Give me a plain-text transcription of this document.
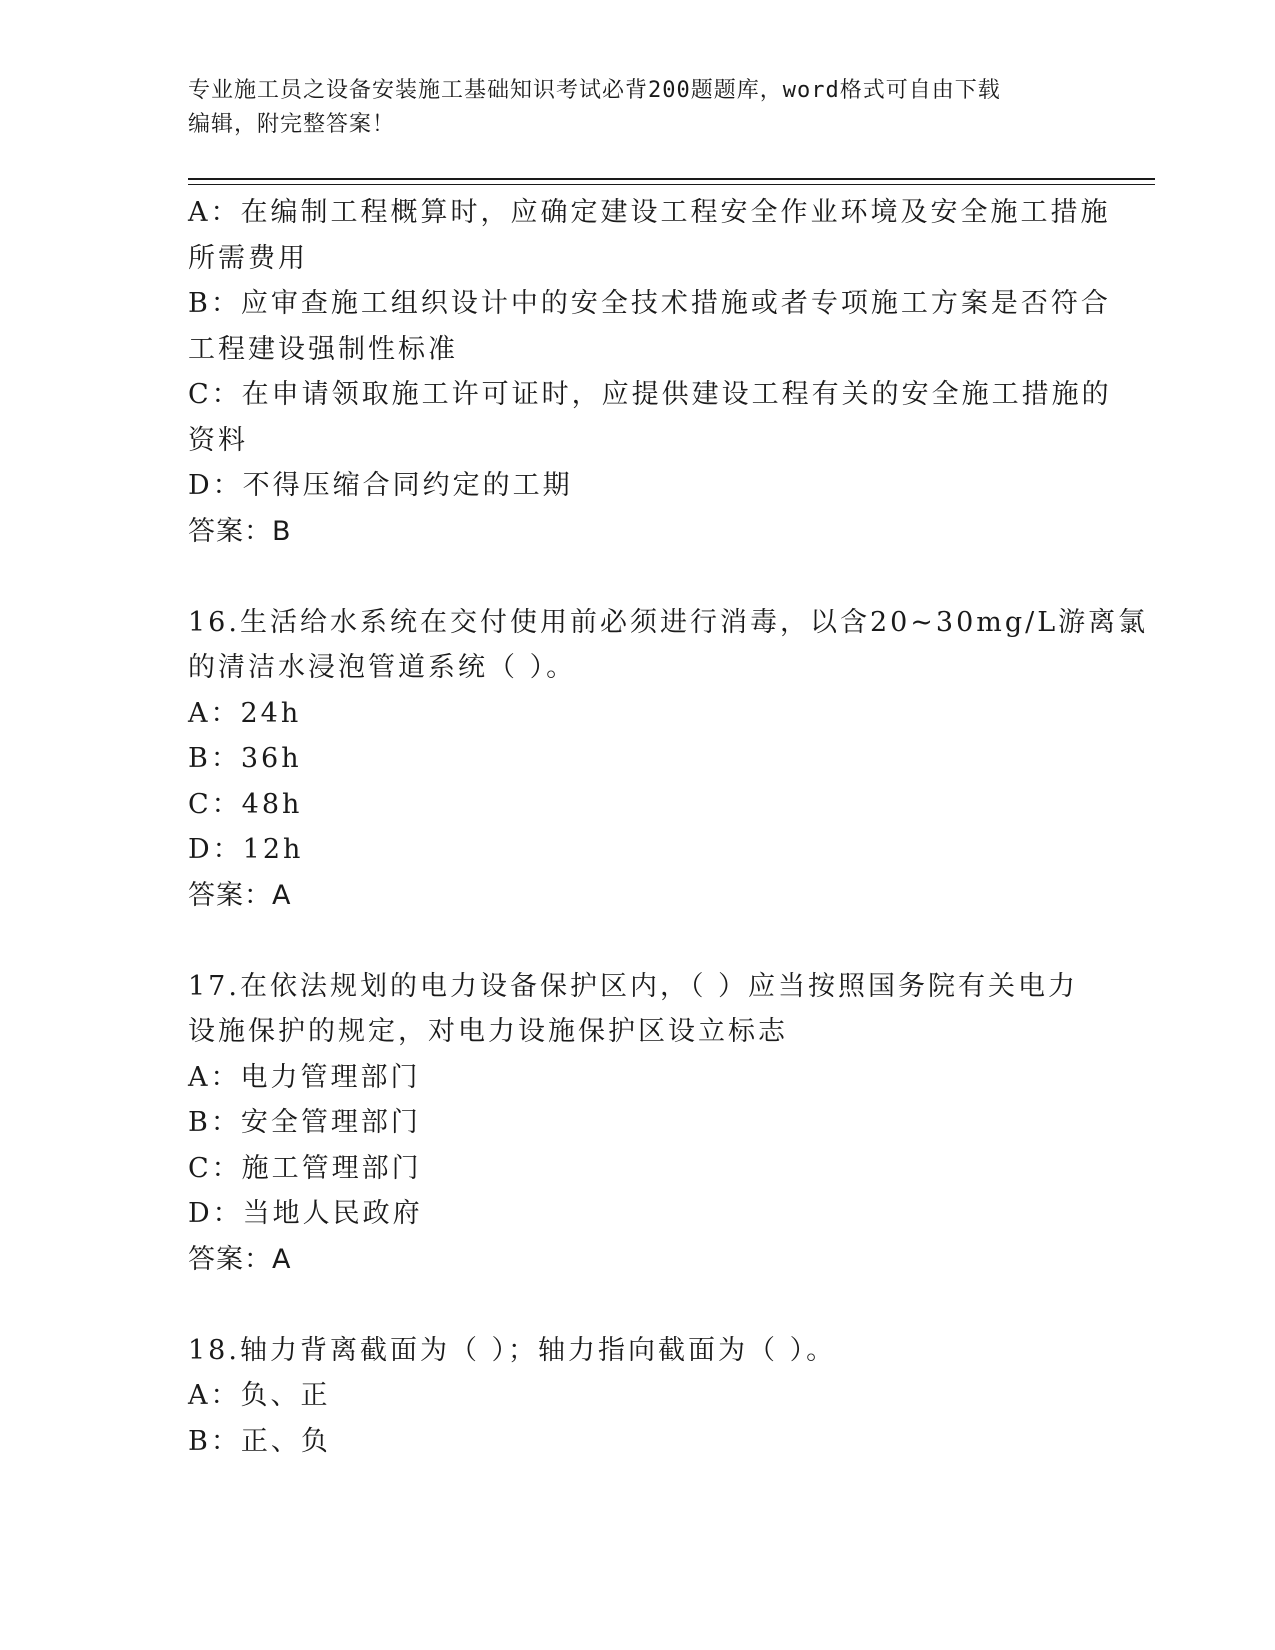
专业施工员之设备安装施工基础知识考试必背200题题库，word格式可自由下载
编辑，附完整答案！
A：在编制工程概算时，应确定建设工程安全作业环境及安全施工措施
所需费用
B：应审查施工组织设计中的安全技术措施或者专项施工方案是否符合
工程建设强制性标准
C：在申请领取施工许可证时，应提供建设工程有关的安全施工措施的
资料
D：不得压缩合同约定的工期
答案：B
16.生活给水系统在交付使用前必须进行消毒，以含20~30mg/L游离氯
的清洁水浸泡管道系统（ ）。
A：24h
B：36h
C：48h
D：12h
答案：A
17.在依法规划的电力设备保护区内，（ ）应当按照国务院有关电力
设施保护的规定，对电力设施保护区设立标志
A：电力管理部门
B：安全管理部门
C：施工管理部门
D：当地人民政府
答案：A
18.轴力背离截面为（ ）；轴力指向截面为（ ）。
A：负、正
B：正、负
